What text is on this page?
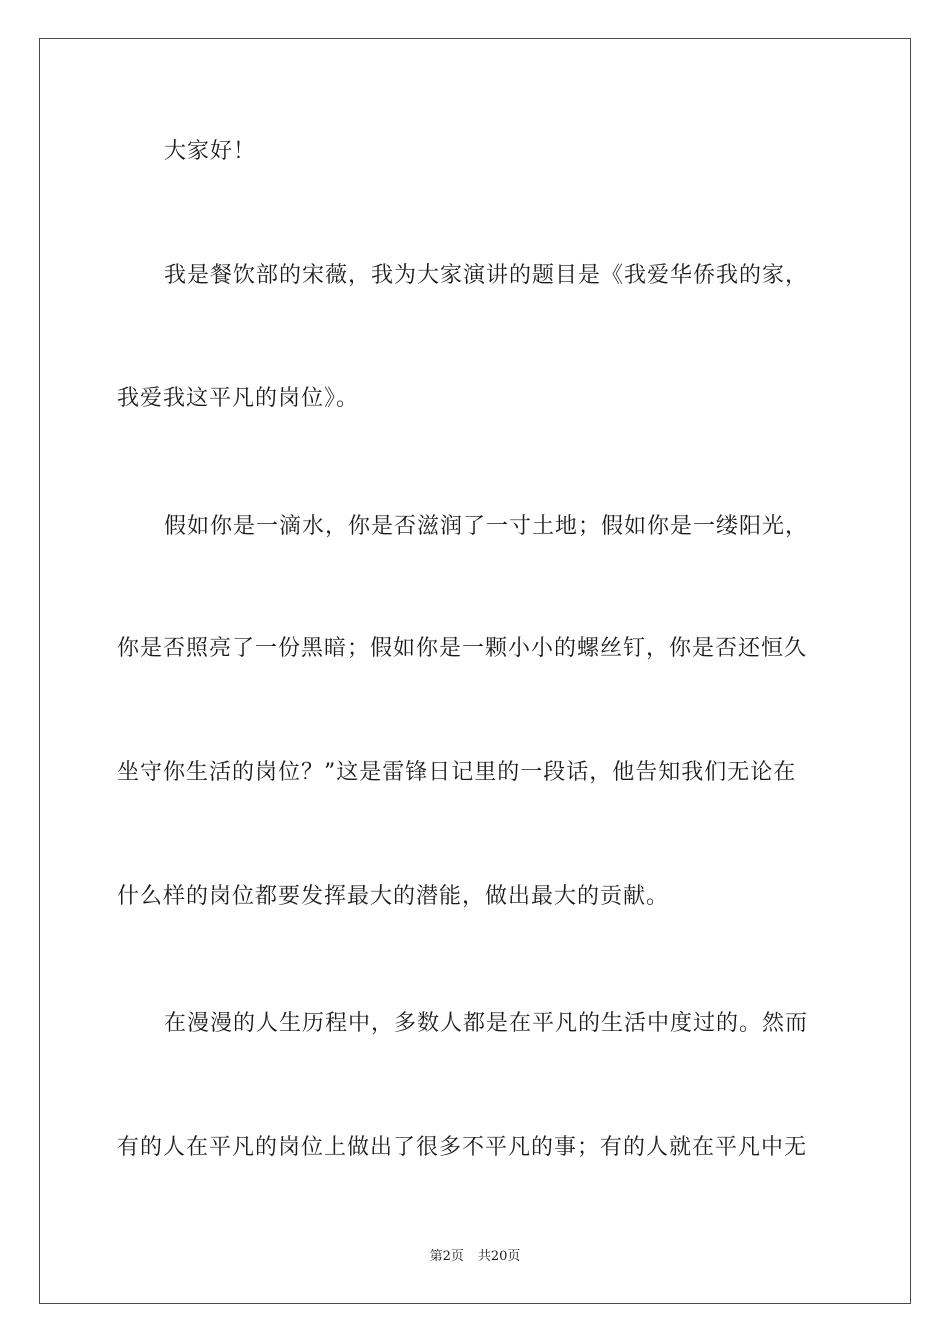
大家好！
我是餐饮部的宋薇，我为大家演讲的题目是《我爱华侨我的家，
我爱我这平凡的岗位》。
假如你是一滴水，你是否滋润了一寸土地；假如你是一缕阳光，
你是否照亮了一份黑暗；假如你是一颗小小的螺丝钉，你是否还恒久
坐守你生活的岗位？”这是雷锋日记里的一段话，他告知我们无论在
什么样的岗位都要发挥最大的潜能，做出最大的贡献。
在漫漫的人生历程中，多数人都是在平凡的生活中度过的。然而
有的人在平凡的岗位上做出了很多不平凡的事；有的人就在平凡中无
第2页 共20页
